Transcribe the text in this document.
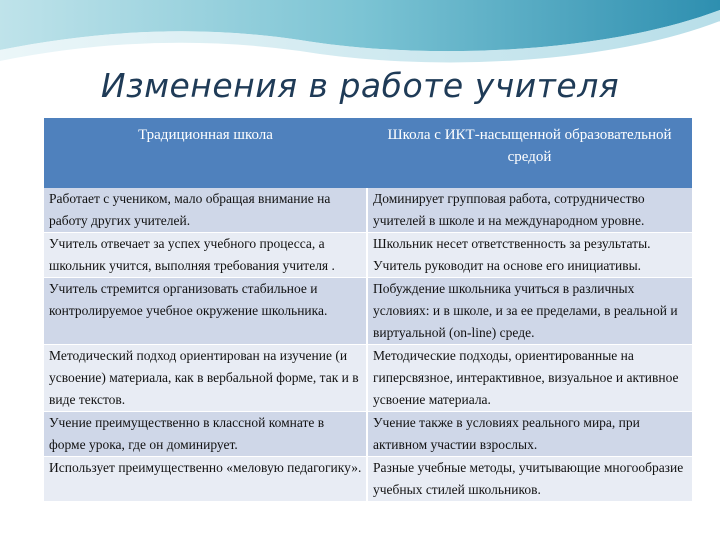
Изменения в работе учителя
Традиционная школа	Школа с ИКТ-насыщенной образовательной средой
Работает с учеником, мало обращая внимание на работу других учителей.	Доминирует групповая работа, сотрудничество учителей в школе и на международном уровне.
Учитель отвечает за успех учебного процесса, а школьник учится, выполняя требования учителя .	Школьник несет ответственность за результаты. Учитель руководит на основе его инициативы.
Учитель стремится организовать стабильное и контролируемое учебное окружение школьника.	Побуждение школьника учиться в различных условиях: и в школе, и за ее пределами, в реальной и виртуальной (on-line) среде.
Методический подход ориентирован на изучение (и усвоение) материала, как в вербальной форме, так и в виде текстов.	Методические подходы, ориентированные на гиперсвязное, интерактивное, визуальное и активное усвоение материала.
Учение преимущественно в классной комнате в форме урока, где он доминирует.	Учение также в условиях реального мира, при активном участии взрослых.
Использует преимущественно «меловую педагогику».	Разные учебные методы, учитывающие многообразие учебных стилей школьников.
